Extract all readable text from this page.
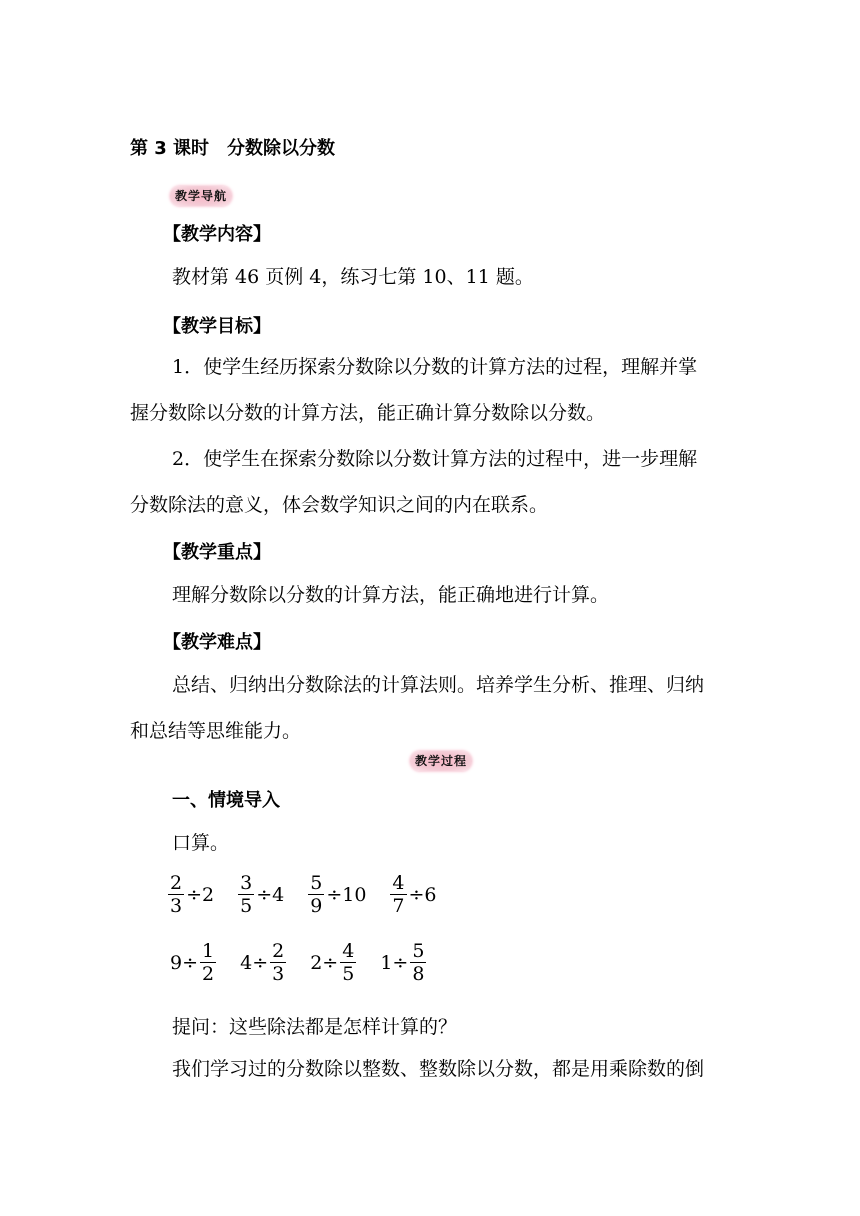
第 3 课时　分数除以分数
教学导航
【教学内容】
教材第 46 页例 4，练习七第 10、11 题。
【教学目标】
1．使学生经历探索分数除以分数的计算方法的过程，理解并掌
握分数除以分数的计算方法，能正确计算分数除以分数。
2．使学生在探索分数除以分数计算方法的过程中，进一步理解
分数除法的意义，体会数学知识之间的内在联系。
【教学重点】
理解分数除以分数的计算方法，能正确地进行计算。
【教学难点】
总结、归纳出分数除法的计算法则。培养学生分析、推理、归纳
和总结等思维能力。
教学过程
一、情境导入
口算。
$\frac{2}{3} \div 2 \frac{3}{5} \div 4 \frac{5}{9} \div 10 \frac{4}{7} \div 6$
$9\div \frac{1}{2} 4\div \frac{2}{3} 2\div \frac{4}{5} 1\div \frac{5}{8}$
提问：这些除法都是怎样计算的？
我们学习过的分数除以整数、整数除以分数，都是用乘除数的倒
